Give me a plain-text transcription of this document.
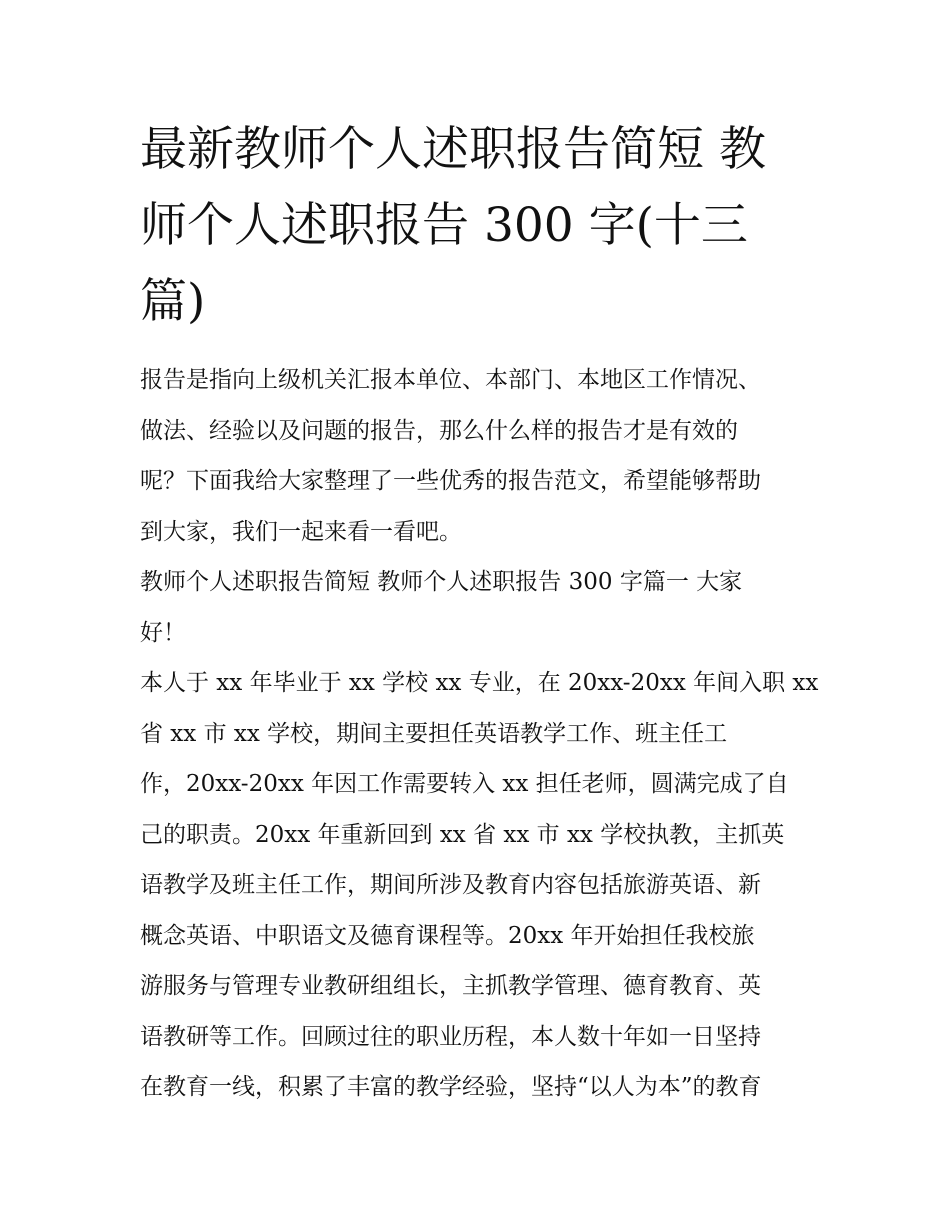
最新教师个人述职报告简短 教
师个人述职报告 300 字(十三
篇)
报告是指向上级机关汇报本单位、本部门、本地区工作情况、
做法、经验以及问题的报告，那么什么样的报告才是有效的
呢？下面我给大家整理了一些优秀的报告范文，希望能够帮助
到大家，我们一起来看一看吧。
教师个人述职报告简短 教师个人述职报告 300 字篇一 大家
好！
本人于 xx 年毕业于 xx 学校 xx 专业，在 20xx-20xx 年间入职 xx
省 xx 市 xx 学校，期间主要担任英语教学工作、班主任工
作，20xx-20xx 年因工作需要转入 xx 担任老师，圆满完成了自
己的职责。20xx 年重新回到 xx 省 xx 市 xx 学校执教，主抓英
语教学及班主任工作，期间所涉及教育内容包括旅游英语、新
概念英语、中职语文及德育课程等。20xx 年开始担任我校旅
游服务与管理专业教研组组长，主抓教学管理、德育教育、英
语教研等工作。回顾过往的职业历程，本人数十年如一日坚持
在教育一线，积累了丰富的教学经验，坚持“以人为本”的教育
